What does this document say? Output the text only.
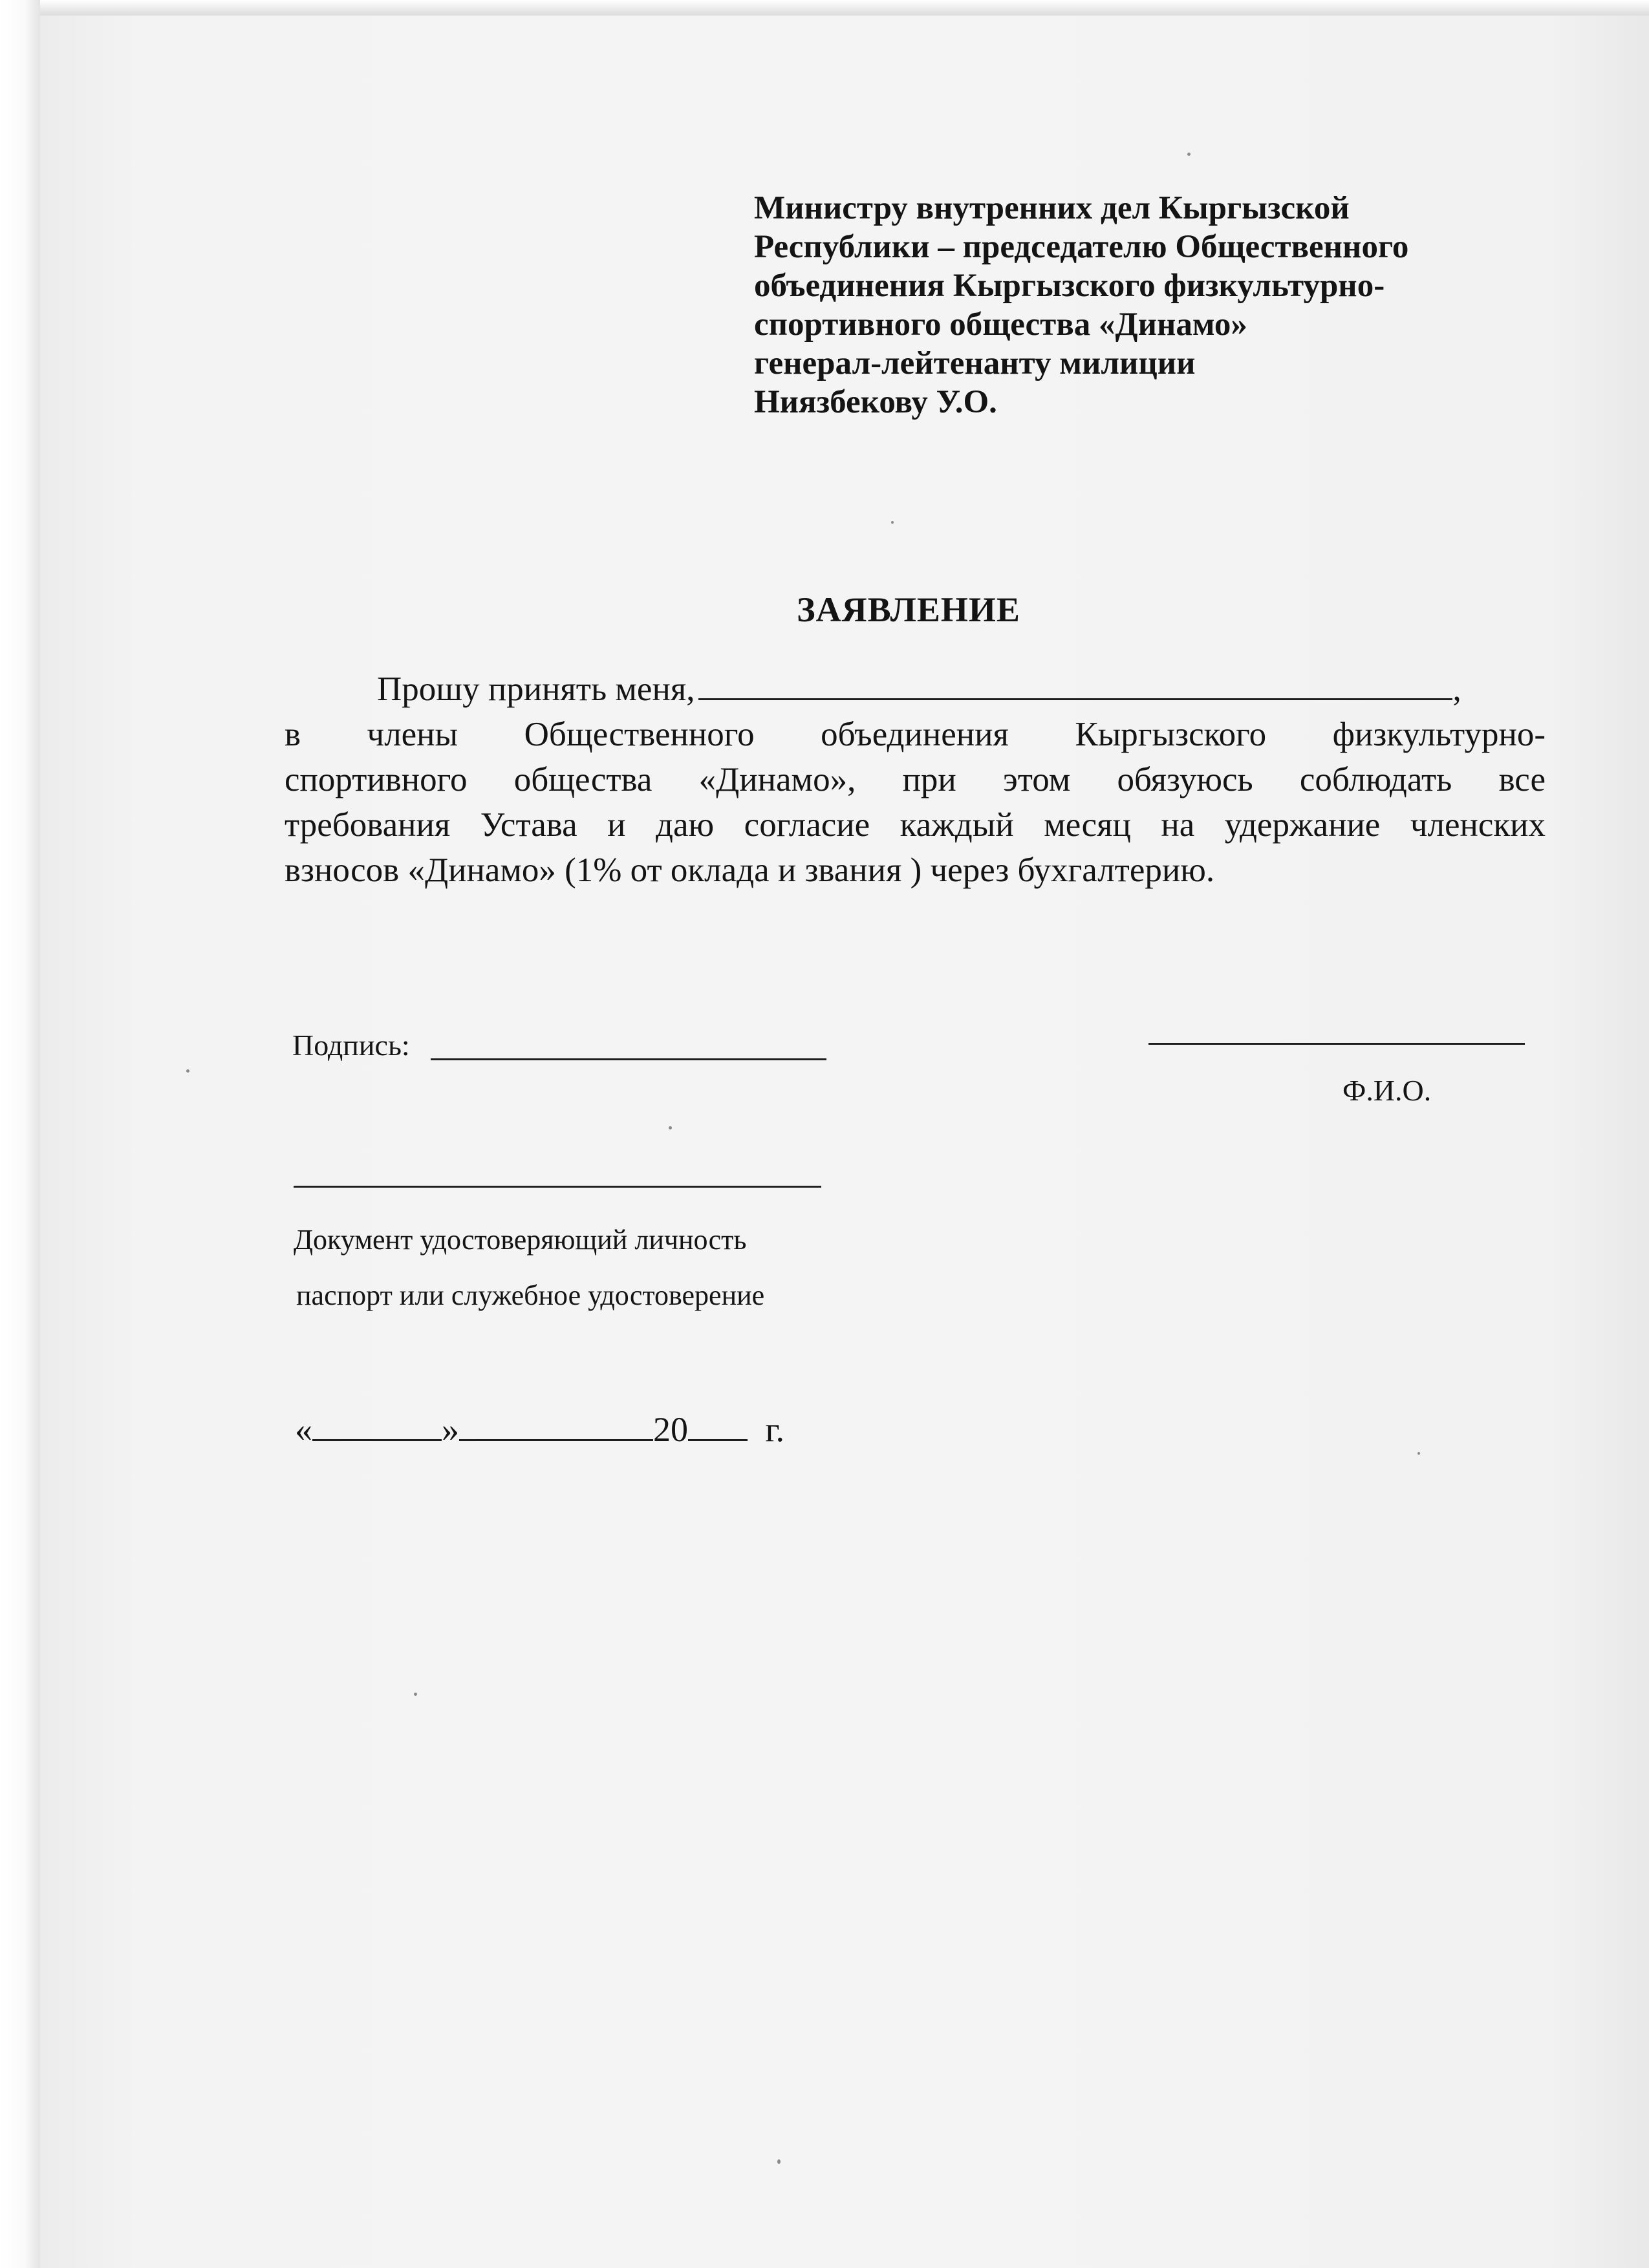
Министру внутренних дел Кыргызской
Республики – председателю Общественного
объединения Кыргызского физкультурно-
спортивного общества «Динамо»
генерал-лейтенанту милиции
Ниязбекову У.О.
ЗАЯВЛЕНИЕ
Прошу принять меня,	,
в члены Общественного объединения Кыргызского физкультурно-
спортивного общества «Динамо», при этом обязуюсь соблюдать все
требования Устава и даю согласие каждый месяц на удержание членских
взносов «Динамо» (1% от оклада и звания ) через бухгалтерию.
Подпись:
Ф.И.О.
Документ удостоверяющий личность
паспорт или служебное удостоверение
«	»	20 г.
